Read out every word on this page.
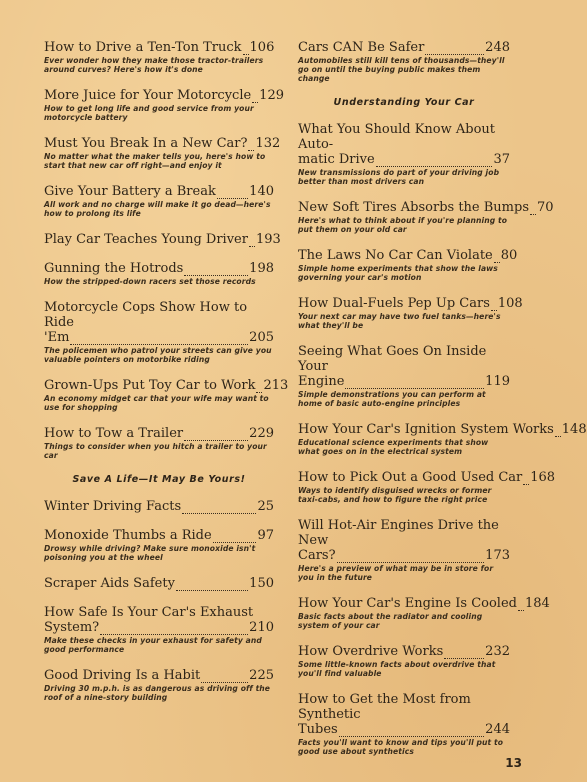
How to Drive a Ten-Ton Truck 106
Ever wonder how they make those tractor-trailers around curves? Here's how it's done
More Juice for Your Motorcycle 129
How to get long life and good service from your motorcycle battery
Must You Break In a New Car? 132
No matter what the maker tells you, here's how to start that new car off right—and enjoy it
Give Your Battery a Break	140
All work and no charge will make it go dead—here's how to prolong its life
Play Car Teaches Young Driver 193
Gunning the Hotrods	198
How the stripped-down racers set those records
Motorcycle Cops Show How to Ride
'Em	205
The policemen who patrol your streets can give you valuable pointers on motorbike riding
Grown-Ups Put Toy Car to Work 213
An economy midget car that your wife may want to use for shopping
How to Tow a Trailer	229
Things to consider when you hitch a trailer to your car
Save A Life—It May Be Yours!
Winter Driving Facts	25
Monoxide Thumbs a Ride	97
Drowsy while driving? Make sure monoxide isn't poisoning you at the wheel
Scraper Aids Safety	150
How Safe Is Your Car's Exhaust
System?	210
Make these checks in your exhaust for safety and good performance
Good Driving Is a Habit	225
Driving 30 m.p.h. is as dangerous as driving off the roof of a nine-story building
Cars CAN Be Safer	248
Automobiles still kill tens of thousands—they'll go on until the buying public makes them change
Understanding Your Car
What You Should Know About Auto-
matic Drive	37
New transmissions do part of your driving job better than most drivers can
New Soft Tires Absorbs the Bumps 70
Here's what to think about if you're planning to put them on your old car
The Laws No Car Can Violate 80
Simple home experiments that show the laws governing your car's motion
How Dual-Fuels Pep Up Cars 108
Your next car may have two fuel tanks—here's what they'll be
Seeing What Goes On Inside Your
Engine	119
Simple demonstrations you can perform at home of basic auto-engine principles
How Your Car's Ignition System Works 148
Educational science experiments that show what goes on in the electrical system
How to Pick Out a Good Used Car 168
Ways to identify disguised wrecks or former taxi-cabs, and how to figure the right price
Will Hot-Air Engines Drive the New
Cars?	173
Here's a preview of what may be in store for you in the future
How Your Car's Engine Is Cooled 184
Basic facts about the radiator and cooling system of your car
How Overdrive Works	232
Some little-known facts about overdrive that you'll find valuable
How to Get the Most from Synthetic
Tubes	244
Facts you'll want to know and tips you'll put to good use about synthetics
13
